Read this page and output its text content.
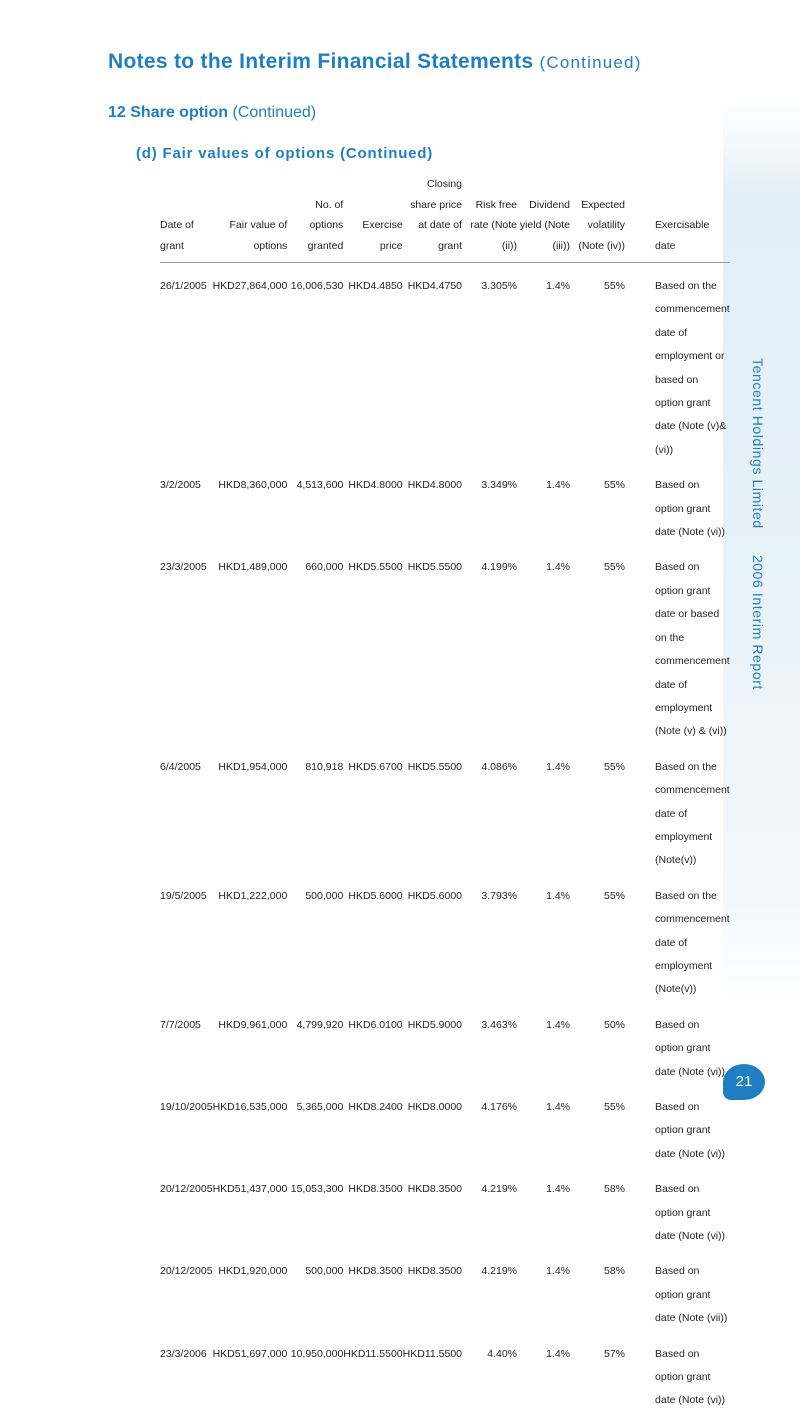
Tencent Holdings Limited2006 Interim Report
Notes to the Interim Financial Statements (Continued)
12 Share option (Continued)
(d) Fair values of options (Continued)
Date of grant	Fair value of options	No. of options granted	Exercise price	Closing share price at date of grant	Risk free rate (Note (ii))	Dividend yield (Note (iii))	Expected volatility (Note (iv))	Exercisable date
26/1/2005	HKD27,864,000	16,006,530	HKD4.4850	HKD4.4750	3.305%	1.4%	55%	Based on the commencement date of employment or based on option grant date (Note (v)&(vi))
3/2/2005	HKD8,360,000	4,513,600	HKD4.8000	HKD4.8000	3.349%	1.4%	55%	Based on option grant date (Note (vi))
23/3/2005	HKD1,489,000	660,000	HKD5.5500	HKD5.5500	4.199%	1.4%	55%	Based on option grant date or based on the commencement date of employment (Note (v) & (vi))
6/4/2005	HKD1,954,000	810,918	HKD5.6700	HKD5.5500	4.086%	1.4%	55%	Based on the commencement date of employment (Note(v))
19/5/2005	HKD1,222,000	500,000	HKD5.6000	HKD5.6000	3.793%	1.4%	55%	Based on the commencement date of employment (Note(v))
7/7/2005	HKD9,961,000	4,799,920	HKD6.0100	HKD5.9000	3.463%	1.4%	50%	Based on option grant date (Note (vi))
19/10/2005	HKD16,535,000	5,365,000	HKD8.2400	HKD8.0000	4.176%	1.4%	55%	Based on option grant date (Note (vi))
20/12/2005	HKD51,437,000	15,053,300	HKD8.3500	HKD8.3500	4.219%	1.4%	58%	Based on option grant date (Note (vi))
20/12/2005	HKD1,920,000	500,000	HKD8.3500	HKD8.3500	4.219%	1.4%	58%	Based on option grant date (Note (vii))
23/3/2006	HKD51,697,000	10,950,000	HKD11.5500	HKD11.5500	4.40%	1.4%	57%	Based on option grant date (Note (vi))
21
